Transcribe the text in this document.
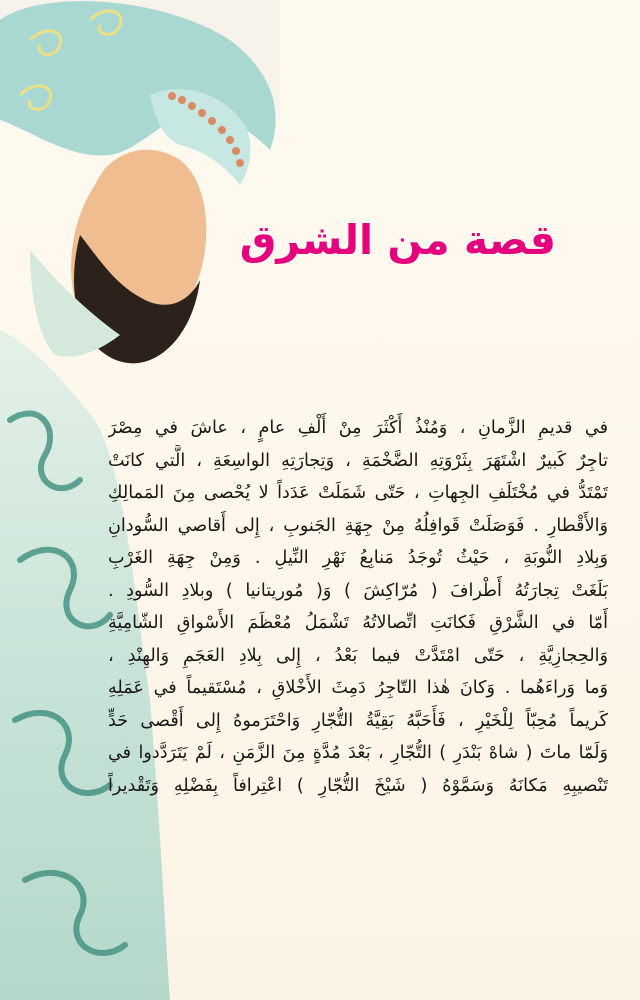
قصة من الشرق
في قديمِ الزَّمانِ ، وَمُنْذُ أَكْثَرَ مِنْ أَلْفِ عامٍ ، عاشَ في مِصْرَ
تاجِرٌ كَبيرٌ اشْتَهَرَ بِثَرْوَتِهِ الضَّخْمَةِ ، وَتِجارَتِهِ الواسِعَةِ ، الَّتي كانَتْ
تَمْتَدُّ في مُخْتَلَفِ الجِهاتِ ، حَتّى شَمَلَتْ عَدَداً لا يُحْصى مِنَ المَمالِكِ
وَالأَقْطارِ . فَوَصَلَتْ قَوافِلُهُ مِنْ جِهَةِ الجَنوبِ ، إِلى أَقاصي السُّودانِ
وَبِلادِ النُّوبَةِ ، حَيْثُ تُوجَدُ مَنابِعُ نَهْرِ النِّيلِ . وَمِنْ جِهَةِ الغَرْبِ
بَلَغَتْ تِجارَتُهُ أَطْرافَ ( مُرّاكِشَ ) وَ( مُوريتانيا ) وبلادِ السُّودِ .
أَمّا في الشَّرْقِ فَكانَتِ اتِّصالاتُهُ تَشْمَلُ مُعْظَمَ الأَسْواقِ الشّامِيَّةِ
وَالحِجازِيَّةِ ، حَتّى امْتَدَّتْ فيما بَعْدُ ، إِلى بِلادِ العَجَمِ وَالهِنْدِ ،
وَما وَراءَهُما . وَكانَ هٰذا التّاجِرُ دَمِثَ الأَخْلاقِ ، مُسْتَقيماً في عَمَلِهِ
كَريماً مُحِبّاً لِلْخَيْرِ ، فَأَحَبَّهُ بَقِيَّةُ التُّجّارِ وَاحْتَرَموهُ إِلى أَقْصى حَدٍّ
وَلَمّا ماتَ ( شاهْ بَنْدَرِ ) التُّجّارِ ، بَعْدَ مُدَّةٍ مِنَ الزَّمَنِ ، لَمْ يَتَرَدَّدوا في
تَنْصيبِهِ مَكانَهُ وَسَمَّوْهُ ( شَيْخَ التُّجّارِ ) اعْتِرافاً بِفَضْلِهِ وَتَقْديراً
